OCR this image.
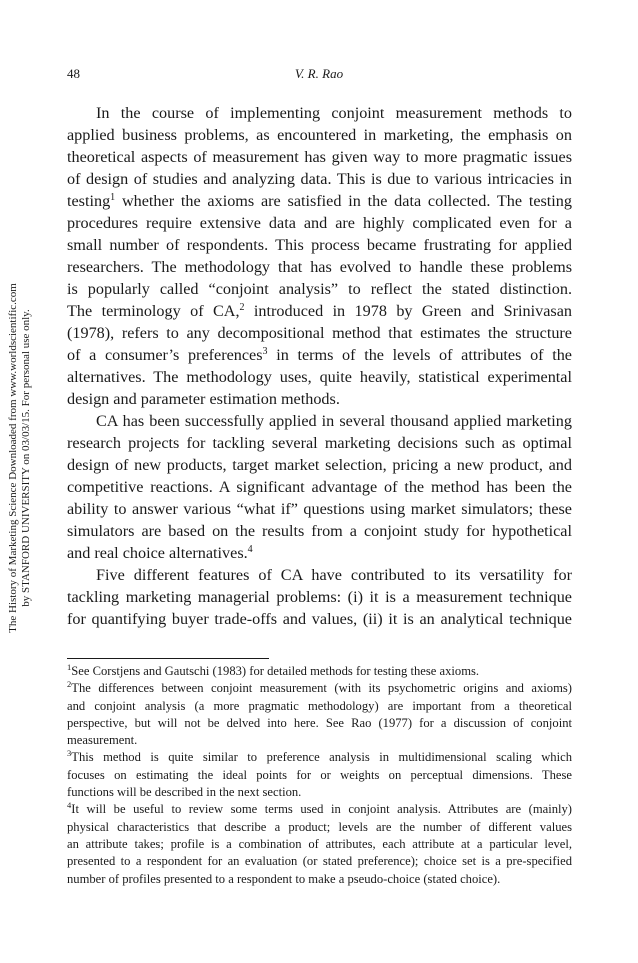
48	V. R. Rao
The History of Marketing Science Downloaded from www.worldscientific.com by STANFORD UNIVERSITY on 03/03/15. For personal use only.
In the course of implementing conjoint measurement methods to
applied business problems, as encountered in marketing, the emphasis on
theoretical aspects of measurement has given way to more pragmatic issues
of design of studies and analyzing data. This is due to various intricacies in
testing$^1$ whether the axioms are satisfied in the data collected. The testing
procedures require extensive data and are highly complicated even for a
small number of respondents. This process became frustrating for applied
researchers. The methodology that has evolved to handle these problems
is popularly called “conjoint analysis” to reflect the stated distinction.
The terminology of CA,$^2$ introduced in 1978 by Green and Srinivasan
(1978), refers to any decompositional method that estimates the structure
of a consumer’s preferences$^3$ in terms of the levels of attributes of the
alternatives. The methodology uses, quite heavily, statistical experimental
design and parameter estimation methods.
CA has been successfully applied in several thousand applied marketing
research projects for tackling several marketing decisions such as optimal
design of new products, target market selection, pricing a new product, and
competitive reactions. A significant advantage of the method has been the
ability to answer various “what if” questions using market simulators; these
simulators are based on the results from a conjoint study for hypothetical
and real choice alternatives.$^4$
Five different features of CA have contributed to its versatility for
tackling marketing managerial problems: (i) it is a measurement technique
for quantifying buyer trade-offs and values, (ii) it is an analytical technique
$^1$See Corstjens and Gautschi (1983) for detailed methods for testing these axioms.
$^2$The differences between conjoint measurement (with its psychometric origins and axioms)
and conjoint analysis (a more pragmatic methodology) are important from a theoretical
perspective, but will not be delved into here. See Rao (1977) for a discussion of conjoint
measurement.
$^3$This method is quite similar to preference analysis in multidimensional scaling which
focuses on estimating the ideal points for or weights on perceptual dimensions. These
functions will be described in the next section.
$^4$It will be useful to review some terms used in conjoint analysis. Attributes are (mainly)
physical characteristics that describe a product; levels are the number of different values
an attribute takes; profile is a combination of attributes, each attribute at a particular level,
presented to a respondent for an evaluation (or stated preference); choice set is a pre-specified
number of profiles presented to a respondent to make a pseudo-choice (stated choice).
